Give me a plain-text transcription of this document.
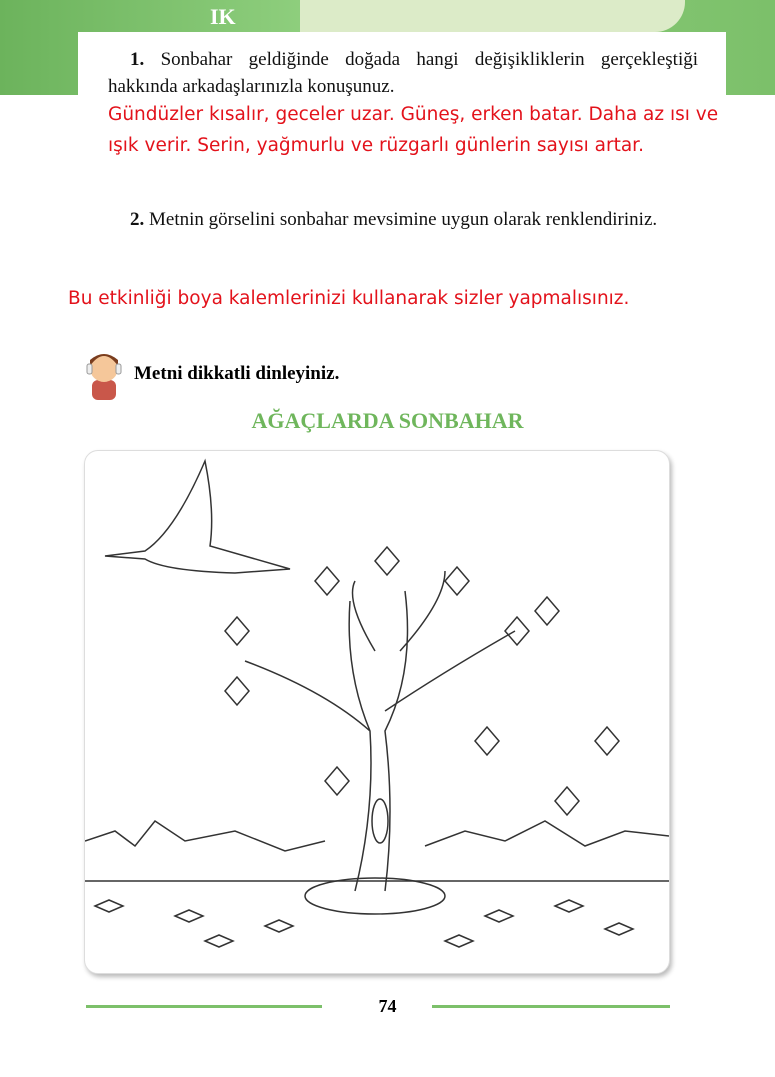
IK
1. Sonbahar geldiğinde doğada hangi değişikliklerin gerçekleştiği hakkında arkadaşlarınızla konuşunuz.
Gündüzler kısalır, geceler uzar. Güneş, erken batar. Daha az ısı ve ışık verir. Serin, yağmurlu ve rüzgarlı günlerin sayısı artar.
2. Metnin görselini sonbahar mevsimine uygun olarak renklendiriniz.
Bu etkinliği boya kalemlerinizi kullanarak sizler yapmalısınız.
Metni dikkatli dinleyiniz.
AĞAÇLARDA SONBAHAR
74
